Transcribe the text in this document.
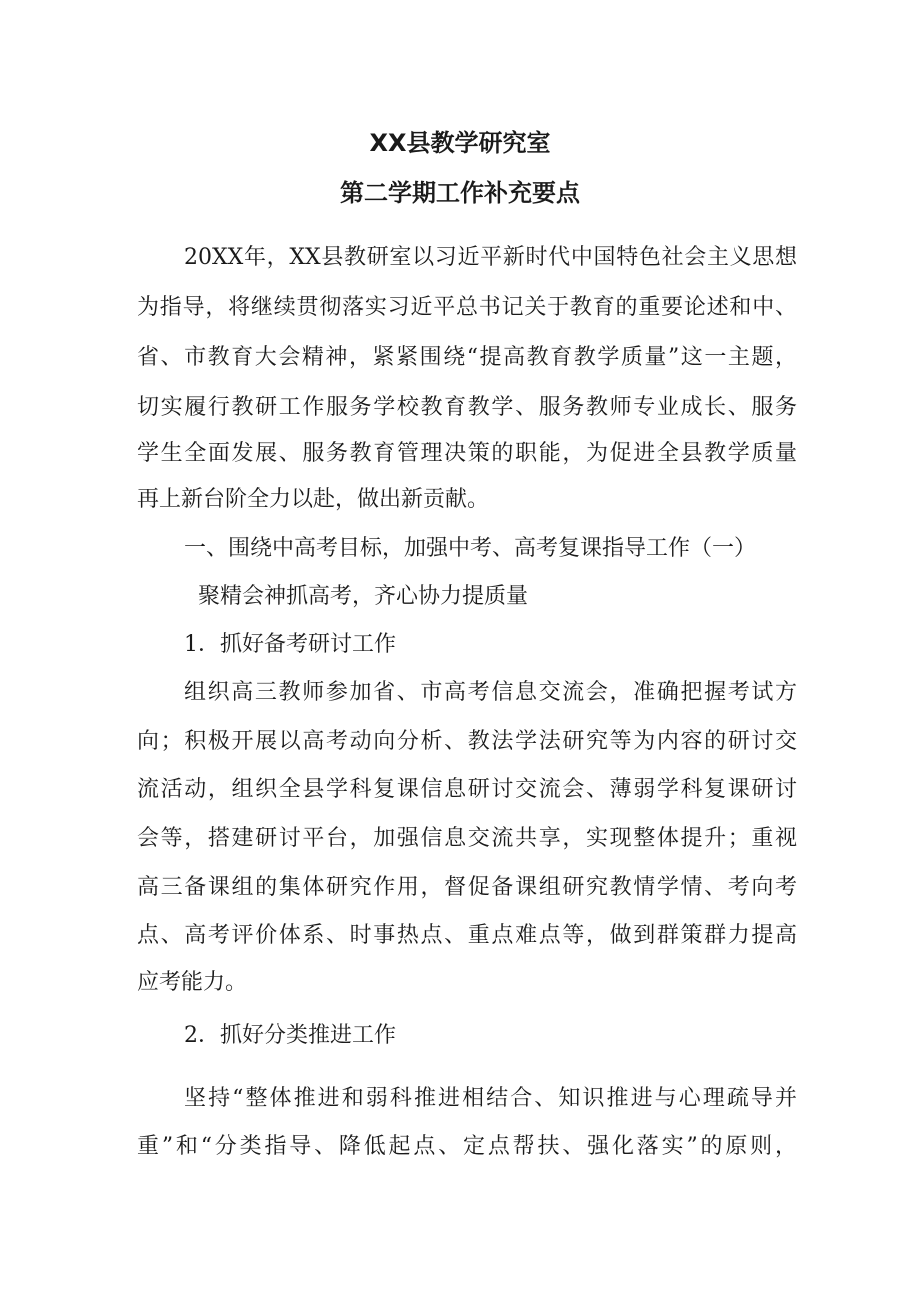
XX县教学研究室
第二学期工作补充要点
20XX年，XX县教研室以习近平新时代中国特色社会主义思想
为指导，将继续贯彻落实习近平总书记关于教育的重要论述和中、
省、市教育大会精神，紧紧围绕“提高教育教学质量”这一主题，
切实履行教研工作服务学校教育教学、服务教师专业成长、服务
学生全面发展、服务教育管理决策的职能，为促进全县教学质量
再上新台阶全力以赴，做出新贡献。
一、围绕中高考目标，加强中考、高考复课指导工作（一）
聚精会神抓高考，齐心协力提质量
1．抓好备考研讨工作
组织高三教师参加省、市高考信息交流会，准确把握考试方
向；积极开展以高考动向分析、教法学法研究等为内容的研讨交
流活动，组织全县学科复课信息研讨交流会、薄弱学科复课研讨
会等，搭建研讨平台，加强信息交流共享，实现整体提升；重视
高三备课组的集体研究作用，督促备课组研究教情学情、考向考
点、高考评价体系、时事热点、重点难点等，做到群策群力提高
应考能力。
2．抓好分类推进工作
坚持“整体推进和弱科推进相结合、知识推进与心理疏导并
重”和“分类指导、降低起点、定点帮扶、强化落实”的原则，
